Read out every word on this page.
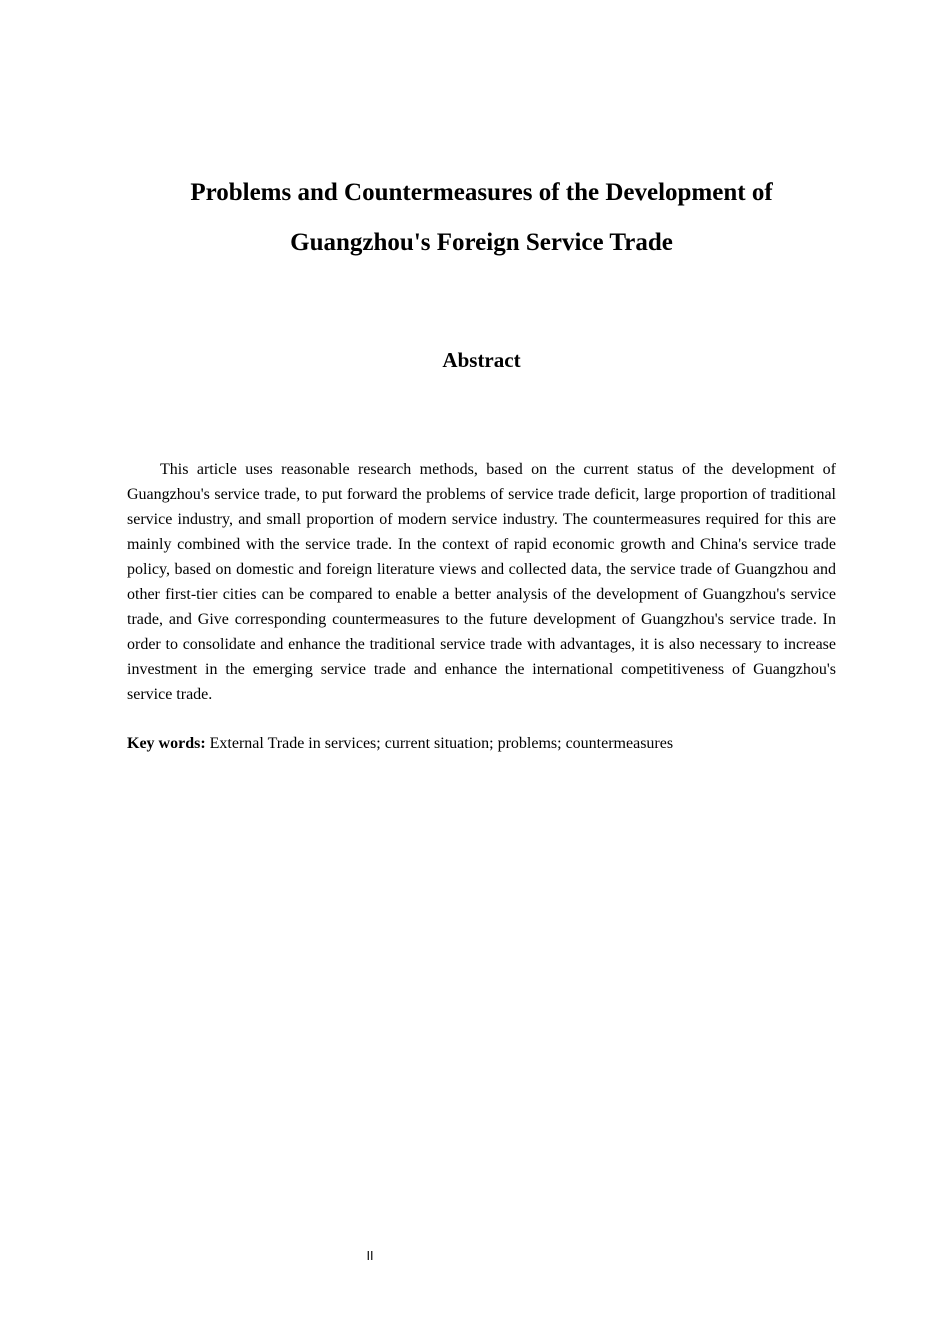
Problems and Countermeasures of the Development of
Guangzhou's Foreign Service Trade
Abstract

This article uses reasonable research methods, based on the current status of the development of Guangzhou's service trade, to put forward the problems of service trade deficit, large proportion of traditional service industry, and small proportion of modern service industry. The countermeasures required for this are mainly combined with the service trade. In the context of rapid economic growth and China's service trade policy, based on domestic and foreign literature views and collected data, the service trade of Guangzhou and other first-tier cities can be compared to enable a better analysis of the development of Guangzhou's service trade, and Give corresponding countermeasures to the future development of Guangzhou's service trade. In order to consolidate and enhance the traditional service trade with advantages, it is also necessary to increase investment in the emerging service trade and enhance the international competitiveness of Guangzhou's service trade.

Key words: External Trade in services; current situation; problems; countermeasures

II
